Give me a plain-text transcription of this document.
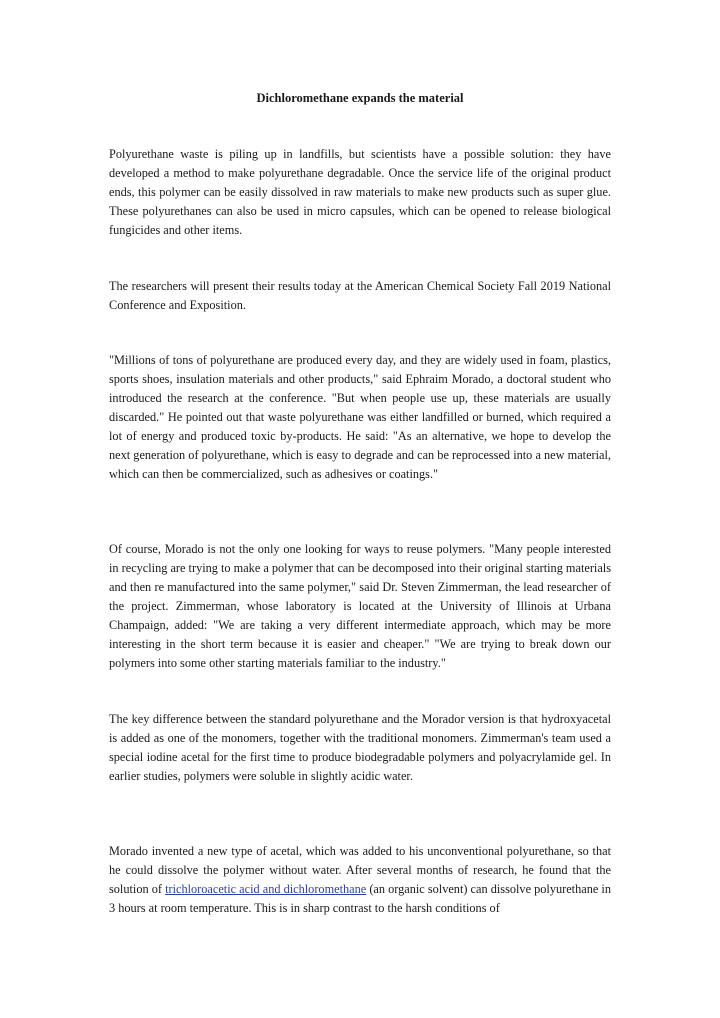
Dichloromethane expands the material

Polyurethane waste is piling up in landfills, but scientists have a possible solution: they have developed a method to make polyurethane degradable. Once the service life of the original product ends, this polymer can be easily dissolved in raw materials to make new products such as super glue. These polyurethanes can also be used in micro capsules, which can be opened to release biological fungicides and other items.

The researchers will present their results today at the American Chemical Society Fall 2019 National Conference and Exposition.

"Millions of tons of polyurethane are produced every day, and they are widely used in foam, plastics, sports shoes, insulation materials and other products," said Ephraim Morado, a doctoral student who introduced the research at the conference. "But when people use up, these materials are usually discarded." He pointed out that waste polyurethane was either landfilled or burned, which required a lot of energy and produced toxic by-products. He said: "As an alternative, we hope to develop the next generation of polyurethane, which is easy to degrade and can be reprocessed into a new material, which can then be commercialized, such as adhesives or coatings."

Of course, Morado is not the only one looking for ways to reuse polymers. "Many people interested in recycling are trying to make a polymer that can be decomposed into their original starting materials and then re manufactured into the same polymer," said Dr. Steven Zimmerman, the lead researcher of the project. Zimmerman, whose laboratory is located at the University of Illinois at Urbana Champaign, added: "We are taking a very different intermediate approach, which may be more interesting in the short term because it is easier and cheaper." "We are trying to break down our polymers into some other starting materials familiar to the industry."

The key difference between the standard polyurethane and the Morador version is that hydroxyacetal is added as one of the monomers, together with the traditional monomers. Zimmerman's team used a special iodine acetal for the first time to produce biodegradable polymers and polyacrylamide gel. In earlier studies, polymers were soluble in slightly acidic water.

Morado invented a new type of acetal, which was added to his unconventional polyurethane, so that he could dissolve the polymer without water. After several months of research, he found that the solution of trichloroacetic acid and dichloromethane (an organic solvent) can dissolve polyurethane in 3 hours at room temperature. This is in sharp contrast to the harsh conditions of
